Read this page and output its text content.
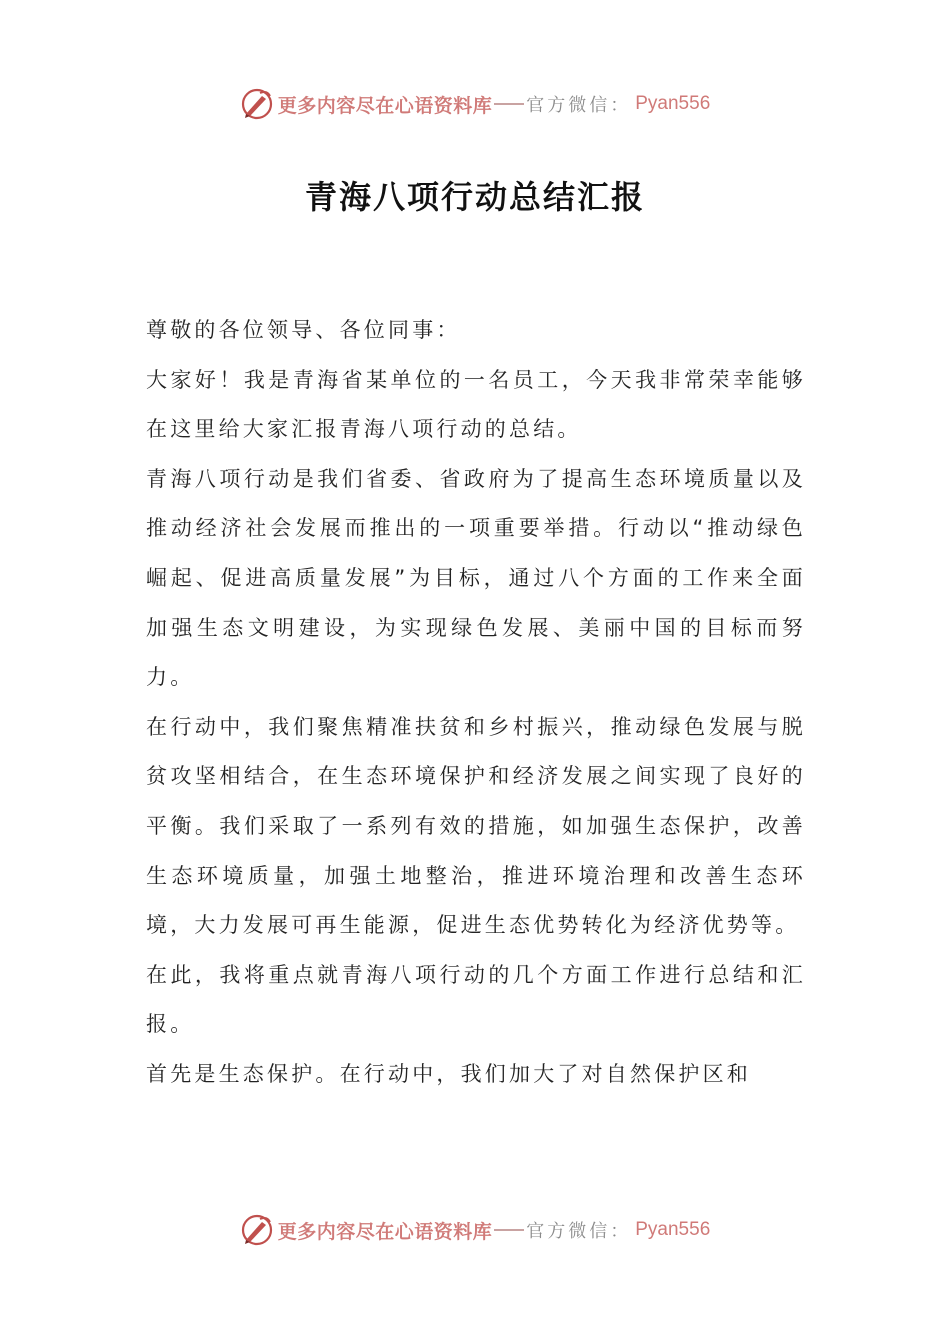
更多内容尽在心语资料库 官方微信： Pyan556
青海八项行动总结汇报

尊敬的各位领导、各位同事：

大家好！我是青海省某单位的一名员工，今天我非常荣幸能够在这里给大家汇报青海八项行动的总结。

青海八项行动是我们省委、省政府为了提高生态环境质量以及推动经济社会发展而推出的一项重要举措。行动以“推动绿色崛起、促进高质量发展”为目标，通过八个方面的工作来全面加强生态文明建设，为实现绿色发展、美丽中国的目标而努力。

在行动中，我们聚焦精准扶贫和乡村振兴，推动绿色发展与脱贫攻坚相结合，在生态环境保护和经济发展之间实现了良好的平衡。我们采取了一系列有效的措施，如加强生态保护，改善生态环境质量，加强土地整治，推进环境治理和改善生态环境，大力发展可再生能源，促进生态优势转化为经济优势等。

在此，我将重点就青海八项行动的几个方面工作进行总结和汇报。

首先是生态保护。在行动中，我们加大了对自然保护区和

更多内容尽在心语资料库 官方微信： Pyan556
